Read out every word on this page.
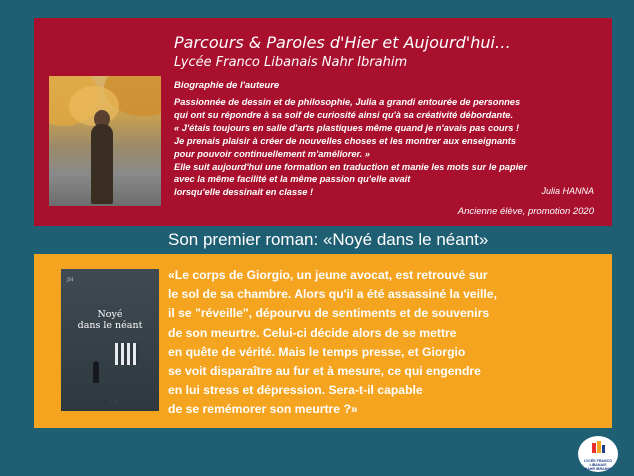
Parcours & Paroles d'Hier et Aujourd'hui…
Lycée Franco Libanais Nahr Ibrahim
Biographie de l'auteure

Passionnée de dessin et de philosophie, Julia a grandi entourée de personnes

qui ont su répondre à sa soif de curiosité ainsi qu'à sa créativité débordante.

« J'étais toujours en salle d'arts plastiques même quand je n'avais pas cours !

Je prenais plaisir à créer de nouvelles choses et les montrer aux enseignants

pour pouvoir continuellement m'améliorer. »

Elle suit aujourd'hui une formation en traduction et manie les mots sur le papier

avec la même facilité et la même passion qu'elle avait

lorsqu'elle dessinait en classe !	Julia HANNA
Ancienne élève, promotion 2020
Son premier roman: «Noyé dans le néant»
JH
Noyé
dans le néant
· · ·

«Le corps de Giorgio, un jeune avocat, est retrouvé sur

le sol de sa chambre. Alors qu'il a été assassiné la veille,

il se "réveille", dépourvu de sentiments et de souvenirs

de son meurtre. Celui-ci décide alors de se mettre

en quête de vérité. Mais le temps presse, et Giorgio

se voit disparaître au fur et à mesure, ce qui engendre

en lui stress et dépression. Sera-t-il capable

de se remémorer son meurtre ?»

LYCÉE FRANCO LIBANAIS
NAHR IBRAHIM
